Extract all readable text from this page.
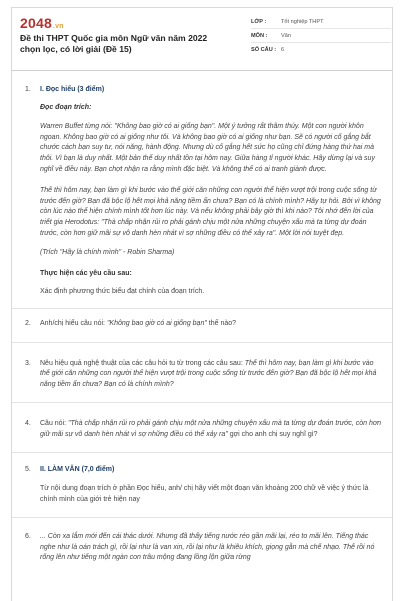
2048.vn
Đề thi THPT Quốc gia môn Ngữ văn năm 2022 chọn lọc, có lời giải (Đề 15)
LỚP :	Tốt nghiệp THPT
MÔN :	Văn
SỐ CÂU : 6
1. I. Đọc hiểu (3 điểm)

Đọc đoạn trích:

Warren Buffet từng nói: "Không bao giờ có ai giống bạn". Một ý tưởng rất thâm thúy. Một con người khôn ngoan. Không bao giờ có ai giống như tôi. Và không bao giờ có ai giống như bạn. Sẽ có người cố gắng bắt chước cách bạn suy tư, nói năng, hành động. Nhưng dù cố gắng hết sức họ cũng chỉ đứng hàng thứ hai mà thôi. Vì bạn là duy nhất. Một bản thể duy nhất tồn tại hôm nay. Giữa hàng tỉ người khác. Hãy dừng lại và suy nghĩ về điều này. Bạn chợt nhận ra rằng mình đặc biệt. Và không thể có ai tranh giành được.

Thế thì hôm nay, bạn làm gì khi bước vào thế giới căn những con người thể hiện vượt trội trong cuộc sống từ trước đến giờ? Bạn đã bộc lộ hết mọi khả năng tiềm ẩn chưa? Bạn có là chính mình? Hãy tự hỏi. Bởi vì không còn lúc nào thể hiện chính mình tốt hơn lúc này. Và nếu không phải bây giờ thì khi nào? Tôi nhớ đến lời của triết gia Herodotus: "Thà chấp nhận rủi ro phải gánh chịu một nửa những chuyện xấu mà ta từng dự đoán trước, còn hơn giữ mãi sự vô danh hèn nhát vì sợ những điều có thể xảy ra". Một lời nói tuyệt đẹp.

(Trích "Hãy là chính mình" - Robin Sharma)

Thực hiện các yêu cầu sau:

Xác định phương thức biểu đạt chính của đoạn trích.

2. Anh/chị hiểu câu nói: "Không bao giờ có ai giống bạn" thế nào?

3. Nêu hiệu quả nghệ thuật của các câu hỏi tu từ trong các câu sau: Thế thì hôm nay, bạn làm gì khi bước vào thế giới căn những con người thể hiện vượt trội trong cuộc sống từ trước đến giờ? Bạn đã bộc lộ hết mọi khả năng tiềm ẩn chưa? Bạn có là chính mình?

4. Câu nói: "Thà chấp nhận rủi ro phải gánh chịu một nửa những chuyện xấu mà ta từng dự đoán trước, còn hơn giữ mãi sự vô danh hèn nhát vì sợ những điều có thể xảy ra" gợi cho anh chị suy nghĩ gì?

5. II. LÀM VĂN (7,0 điểm)

Từ nội dung đoạn trích ở phần Đọc hiểu, anh/ chị hãy viết một đoạn văn khoảng 200 chữ về việc ý thức là chính mình của giới trẻ hiện nay

6. ... Còn xa lắm mới đến cái thác dưới. Nhưng đã thấy tiếng nước réo gần mãi lại, réo to mãi lên. Tiếng thác nghe như là oán trách gì, rồi lại như là van xin, rồi lại như là khiêu khích, giọng gằn mà chế nhạo. Thế rồi nó rống lên như tiếng một ngàn con trâu mộng đang lồng lộn giữa rừng
